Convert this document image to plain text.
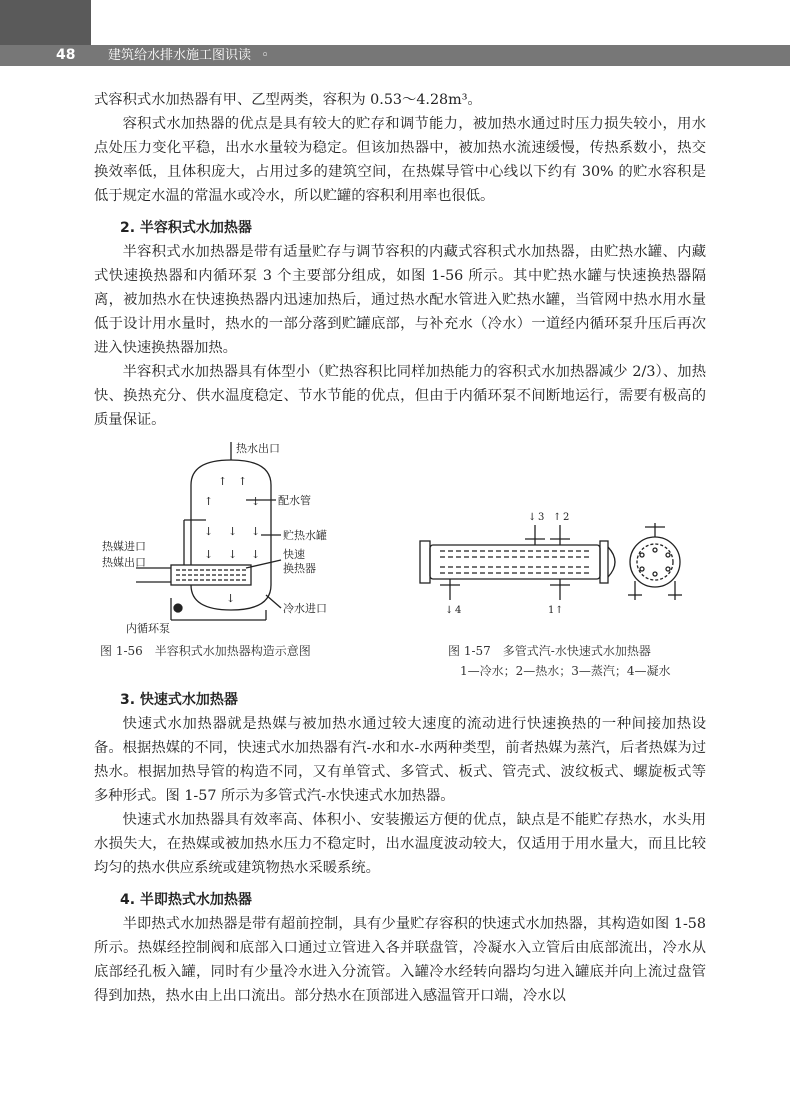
48	建筑给水排水施工图识读 ◦

式容积式水加热器有甲、乙型两类，容积为 0.53～4.28m³。

容积式水加热器的优点是具有较大的贮存和调节能力，被加热水通过时压力损失较小，用水点处压力变化平稳，出水水量较为稳定。但该加热器中，被加热水流速缓慢，传热系数小，热交换效率低，且体积庞大，占用过多的建筑空间，在热媒导管中心线以下约有 30% 的贮水容积是低于规定水温的常温水或冷水，所以贮罐的容积利用率也很低。

2. 半容积式水加热器

半容积式水加热器是带有适量贮存与调节容积的内藏式容积式水加热器，由贮热水罐、内藏式快速换热器和内循环泵 3 个主要部分组成，如图 1-56 所示。其中贮热水罐与快速换热器隔离，被加热水在快速换热器内迅速加热后，通过热水配水管进入贮热水罐，当管网中热水用水量低于设计用水量时，热水的一部分落到贮罐底部，与补充水（冷水）一道经内循环泵升压后再次进入快速换热器加热。

半容积式水加热器具有体型小（贮热容积比同样加热能力的容积式水加热器减少 2/3）、加热快、换热充分、供水温度稳定、节水节能的优点，但由于内循环泵不间断地运行，需要有极高的质量保证。

↑ ↑
↑	↓
↓ ↓ ↓
↓ ↓ ↓
↓
热水出口
配水管
贮热水罐
快速
换热器
热媒进口
热媒出口
冷水进口
内循环泵
图 1-56　半容积式水加热器构造示意图
↓ ↑
↓	↑
3 2
4	1
图 1-57　多管式汽-水快速式水加热器
1—冷水；2—热水；3—蒸汽；4—凝水
3. 快速式水加热器

快速式水加热器就是热媒与被加热水通过较大速度的流动进行快速换热的一种间接加热设备。根据热媒的不同，快速式水加热器有汽-水和水-水两种类型，前者热媒为蒸汽，后者热媒为过热水。根据加热导管的构造不同，又有单管式、多管式、板式、管壳式、波纹板式、螺旋板式等多种形式。图 1-57 所示为多管式汽-水快速式水加热器。

快速式水加热器具有效率高、体积小、安装搬运方便的优点，缺点是不能贮存热水，水头用水损失大，在热媒或被加热水压力不稳定时，出水温度波动较大，仅适用于用水量大，而且比较均匀的热水供应系统或建筑物热水采暖系统。

4. 半即热式水加热器

半即热式水加热器是带有超前控制，具有少量贮存容积的快速式水加热器，其构造如图 1-58 所示。热媒经控制阀和底部入口通过立管进入各并联盘管，冷凝水入立管后由底部流出，冷水从底部经孔板入罐，同时有少量冷水进入分流管。入罐冷水经转向器均匀进入罐底并向上流过盘管得到加热，热水由上出口流出。部分热水在顶部进入感温管开口端，冷水以
